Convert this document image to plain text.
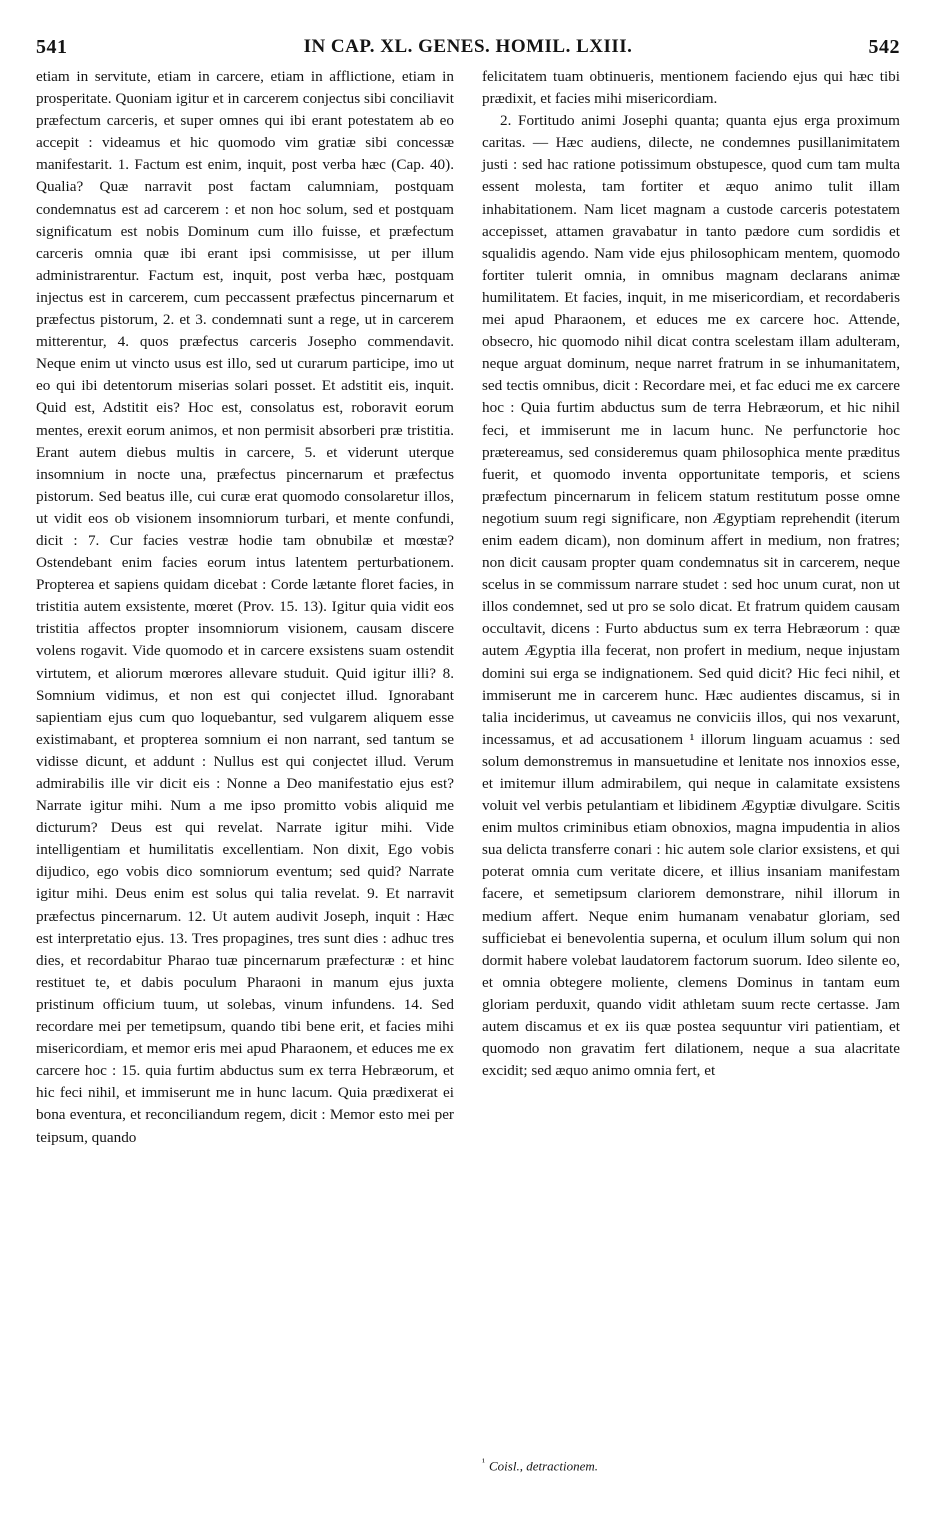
541	IN CAP. XL. GENES. HOMIL. LXIII.	542

etiam in servitute, etiam in carcere, etiam in afflictione, etiam in prosperitate. Quoniam igitur et in carcerem conjectus sibi conciliavit præfectum carceris, et super omnes qui ibi erant potestatem ab eo accepit : videamus et hic quomodo vim gratiæ sibi concessæ manifestarit. 1. Factum est enim, inquit, post verba hæc (Cap. 40). Qualia? Quæ narravit post factam calumniam, postquam condemnatus est ad carcerem : et non hoc solum, sed et postquam significatum est nobis Dominum cum illo fuisse, et præfectum carceris omnia quæ ibi erant ipsi commisisse, ut per illum administrarentur. Factum est, inquit, post verba hæc, postquam injectus est in carcerem, cum peccassent præfectus pincernarum et præfectus pistorum, 2. et 3. condemnati sunt a rege, ut in carcerem mitterentur, 4. quos præfectus carceris Josepho commendavit. Neque enim ut vincto usus est illo, sed ut curarum participe, imo ut eo qui ibi detentorum miserias solari posset. Et adstitit eis, inquit. Quid est, Adstitit eis? Hoc est, consolatus est, roboravit eorum mentes, erexit eorum animos, et non permisit absorberi præ tristitia. Erant autem diebus multis in carcere, 5. et viderunt uterque insomnium in nocte una, præfectus pincernarum et præfectus pistorum. Sed beatus ille, cui curæ erat quomodo consolaretur illos, ut vidit eos ob visionem insomniorum turbari, et mente confundi, dicit : 7. Cur facies vestræ hodie tam obnubilæ et mœstæ? Ostendebant enim facies eorum intus latentem perturbationem. Propterea et sapiens quidam dicebat : Corde lætante floret facies, in tristitia autem exsistente, mœret (Prov. 15. 13). Igitur quia vidit eos tristitia affectos propter insomniorum visionem, causam discere volens rogavit. Vide quomodo et in carcere exsistens suam ostendit virtutem, et aliorum mœrores allevare studuit. Quid igitur illi? 8. Somnium vidimus, et non est qui conjectet illud. Ignorabant sapientiam ejus cum quo loquebantur, sed vulgarem aliquem esse existimabant, et propterea somnium ei non narrant, sed tantum se vidisse dicunt, et addunt : Nullus est qui conjectet illud. Verum admirabilis ille vir dicit eis : Nonne a Deo manifestatio ejus est? Narrate igitur mihi. Num a me ipso promitto vobis aliquid me dicturum? Deus est qui revelat. Narrate igitur mihi. Vide intelligentiam et humilitatis excellentiam. Non dixit, Ego vobis dijudico, ego vobis dico somniorum eventum; sed quid? Narrate igitur mihi. Deus enim est solus qui talia revelat. 9. Et narravit præfectus pincernarum. 12. Ut autem audivit Joseph, inquit : Hæc est interpretatio ejus. 13. Tres propagines, tres sunt dies : adhuc tres dies, et recordabitur Pharao tuæ pincernarum præfecturæ : et hinc restituet te, et dabis poculum Pharaoni in manum ejus juxta pristinum officium tuum, ut solebas, vinum infundens. 14. Sed recordare mei per temetipsum, quando tibi bene erit, et facies mihi misericordiam, et memor eris mei apud Pharaonem, et educes me ex carcere hoc : 15. quia furtim abductus sum ex terra Hebræorum, et hic feci nihil, et immiserunt me in hunc lacum. Quia prædixerat ei bona eventura, et reconciliandum regem, dicit : Memor esto mei per teipsum, quando

felicitatem tuam obtinueris, mentionem faciendo ejus qui hæc tibi prædixit, et facies mihi misericordiam.

2. Fortitudo animi Josephi quanta; quanta ejus erga proximum caritas. — Hæc audiens, dilecte, ne condemnes pusillanimitatem justi : sed hac ratione potissimum obstupesce, quod cum tam multa essent molesta, tam fortiter et æquo animo tulit illam inhabitationem. Nam licet magnam a custode carceris potestatem accepisset, attamen gravabatur in tanto pædore cum sordidis et squalidis agendo. Nam vide ejus philosophicam mentem, quomodo fortiter tulerit omnia, in omnibus magnam declarans animæ humilitatem. Et facies, inquit, in me misericordiam, et recordaberis mei apud Pharaonem, et educes me ex carcere hoc. Attende, obsecro, hic quomodo nihil dicat contra scelestam illam adulteram, neque arguat dominum, neque narret fratrum in se inhumanitatem, sed tectis omnibus, dicit : Recordare mei, et fac educi me ex carcere hoc : Quia furtim abductus sum de terra Hebræorum, et hic nihil feci, et immiserunt me in lacum hunc. Ne perfunctorie hoc prætereamus, sed consideremus quam philosophica mente præditus fuerit, et quomodo inventa opportunitate temporis, et sciens præfectum pincernarum in felicem statum restitutum posse omne negotium suum regi significare, non Ægyptiam reprehendit (iterum enim eadem dicam), non dominum affert in medium, non fratres; non dicit causam propter quam condemnatus sit in carcerem, neque scelus in se commissum narrare studet : sed hoc unum curat, non ut illos condemnet, sed ut pro se solo dicat. Et fratrum quidem causam occultavit, dicens : Furto abductus sum ex terra Hebræorum : quæ autem Ægyptia illa fecerat, non profert in medium, neque injustam domini sui erga se indignationem. Sed quid dicit? Hic feci nihil, et immiserunt me in carcerem hunc. Hæc audientes discamus, si in talia inciderimus, ut caveamus ne conviciis illos, qui nos vexarunt, incessamus, et ad accusationem ¹ illorum linguam acuamus : sed solum demonstremus in mansuetudine et lenitate nos innoxios esse, et imitemur illum admirabilem, qui neque in calamitate exsistens voluit vel verbis petulantiam et libidinem Ægyptiæ divulgare. Scitis enim multos criminibus etiam obnoxios, magna impudentia in alios sua delicta transferre conari : hic autem sole clarior exsistens, et qui poterat omnia cum veritate dicere, et illius insaniam manifestam facere, et semetipsum clariorem demonstrare, nihil illorum in medium affert. Neque enim humanam venabatur gloriam, sed sufficiebat ei benevolentia superna, et oculum illum solum qui non dormit habere volebat laudatorem factorum suorum. Ideo silente eo, et omnia obtegere moliente, clemens Dominus in tantam eum gloriam perduxit, quando vidit athletam suum recte certasse. Jam autem discamus et ex iis quæ postea sequuntur viri patientiam, et quomodo non gravatim fert dilationem, neque a sua alacritate excidit; sed æquo animo omnia fert, et

$^{^1}$ Coisl., detractionem.
